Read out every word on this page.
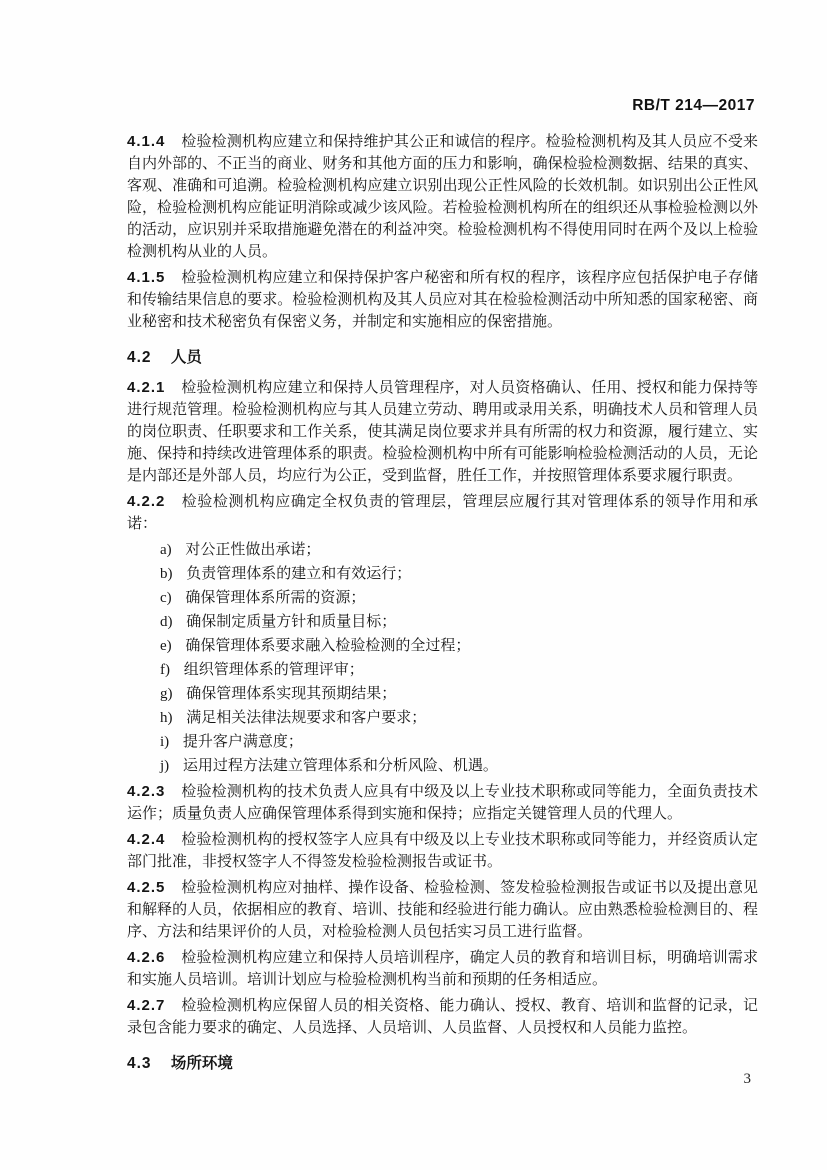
RB/T 214—2017

4.1.4 检验检测机构应建立和保持维护其公正和诚信的程序。检验检测机构及其人员应不受来自内外部的、不正当的商业、财务和其他方面的压力和影响，确保检验检测数据、结果的真实、客观、准确和可追溯。检验检测机构应建立识别出现公正性风险的长效机制。如识别出公正性风险，检验检测机构应能证明消除或减少该风险。若检验检测机构所在的组织还从事检验检测以外的活动，应识别并采取措施避免潜在的利益冲突。检验检测机构不得使用同时在两个及以上检验检测机构从业的人员。

4.1.5 检验检测机构应建立和保持保护客户秘密和所有权的程序，该程序应包括保护电子存储和传输结果信息的要求。检验检测机构及其人员应对其在检验检测活动中所知悉的国家秘密、商业秘密和技术秘密负有保密义务，并制定和实施相应的保密措施。

4.2 人员

4.2.1 检验检测机构应建立和保持人员管理程序，对人员资格确认、任用、授权和能力保持等进行规范管理。检验检测机构应与其人员建立劳动、聘用或录用关系，明确技术人员和管理人员的岗位职责、任职要求和工作关系，使其满足岗位要求并具有所需的权力和资源，履行建立、实施、保持和持续改进管理体系的职责。检验检测机构中所有可能影响检验检测活动的人员，无论是内部还是外部人员，均应行为公正，受到监督，胜任工作，并按照管理体系要求履行职责。

4.2.2 检验检测机构应确定全权负责的管理层，管理层应履行其对管理体系的领导作用和承诺：

a) 对公正性做出承诺；
b) 负责管理体系的建立和有效运行；
c) 确保管理体系所需的资源；
d) 确保制定质量方针和质量目标；
e) 确保管理体系要求融入检验检测的全过程；
f) 组织管理体系的管理评审；
g) 确保管理体系实现其预期结果；
h) 满足相关法律法规要求和客户要求；
i) 提升客户满意度；
j) 运用过程方法建立管理体系和分析风险、机遇。

4.2.3 检验检测机构的技术负责人应具有中级及以上专业技术职称或同等能力，全面负责技术运作；质量负责人应确保管理体系得到实施和保持；应指定关键管理人员的代理人。

4.2.4 检验检测机构的授权签字人应具有中级及以上专业技术职称或同等能力，并经资质认定部门批准，非授权签字人不得签发检验检测报告或证书。

4.2.5 检验检测机构应对抽样、操作设备、检验检测、签发检验检测报告或证书以及提出意见和解释的人员，依据相应的教育、培训、技能和经验进行能力确认。应由熟悉检验检测目的、程序、方法和结果评价的人员，对检验检测人员包括实习员工进行监督。

4.2.6 检验检测机构应建立和保持人员培训程序，确定人员的教育和培训目标，明确培训需求和实施人员培训。培训计划应与检验检测机构当前和预期的任务相适应。

4.2.7 检验检测机构应保留人员的相关资格、能力确认、授权、教育、培训和监督的记录，记录包含能力要求的确定、人员选择、人员培训、人员监督、人员授权和人员能力监控。

4.3 场所环境
3
